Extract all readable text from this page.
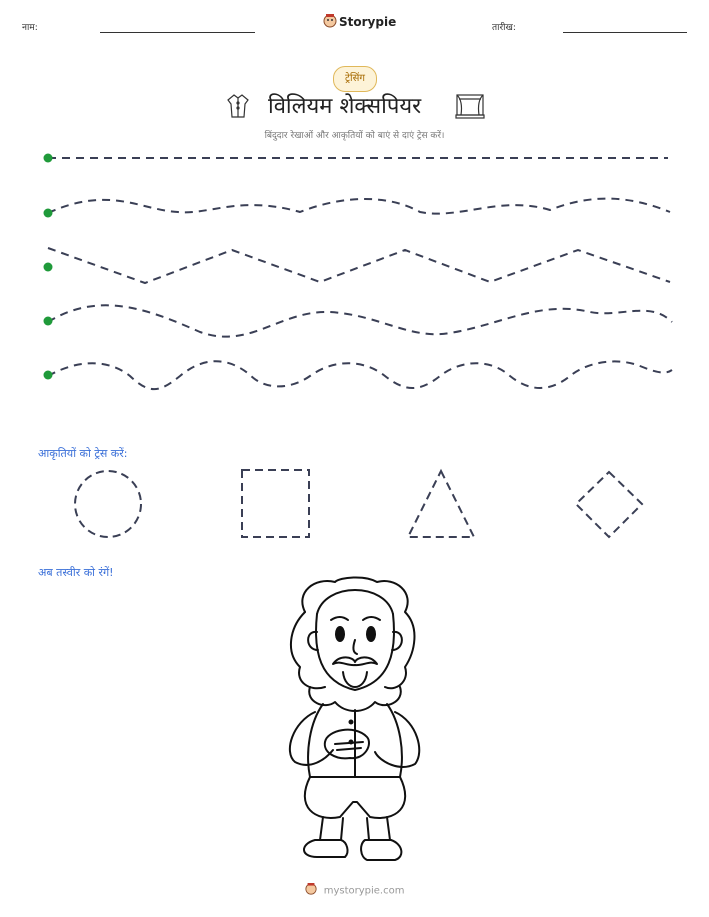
नाम:	Storypie	तारीख:
ट्रेसिंग
विलियम शेक्सपियर
बिंदुदार रेखाओं और आकृतियों को बाएं से दाएं ट्रेस करें।
आकृतियों को ट्रेस करें:
अब तस्वीर को रंगें!
mystorypie.com
